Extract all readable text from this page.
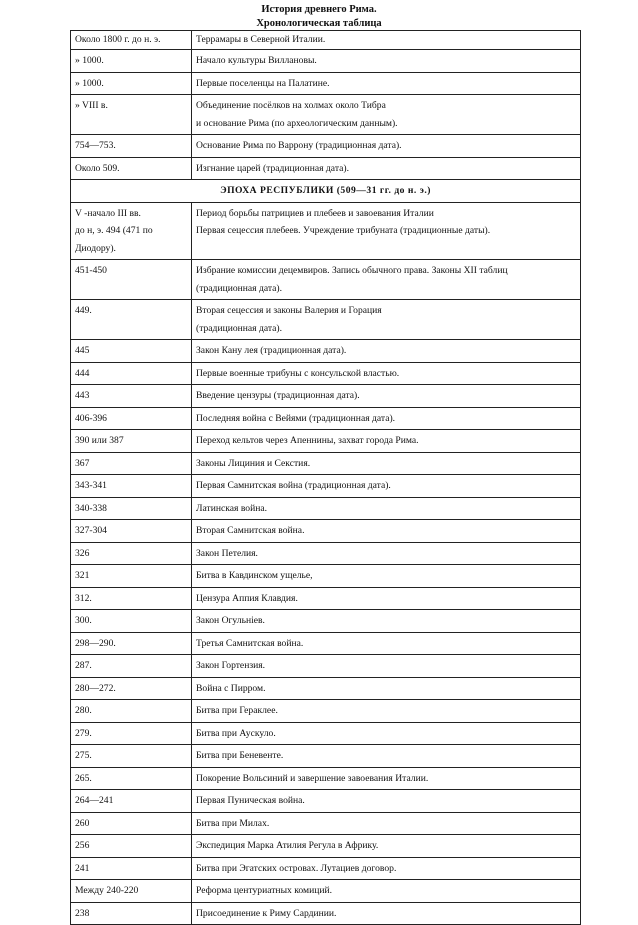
История древнего Рима.
Хронологическая таблица
Около 1800 г. до н. э.	Террамары в Северной Италии.

» 1000.	Начало культуры Виллановы.

» 1000.	Первые поселенцы на Палатине.

» VIII в.	Объединение посёлков на холмах около Тибра
и основание Рима (по археологическим данным).

754—753.	Основание Рима по Варрону (традиционная дата).

Около 509.	Изгнание царей (традиционная дата).

ЭПОХА РЕСПУБЛИКИ (509—31 гг. до н. э.)	

V -начало III вв.
до н, э. 494 (471 по
Диодору).	Период борьбы патрициев и плебеев и завоевания Италии
Первая сецессия плебеев. Учреждение трибуната (традиционные даты).

451-450	Избрание комиссии децемвиров. Запись обычного права. Законы XII таблиц
(традиционная дата).

449.	Вторая сецессия и законы Валерия и Горация
(традиционная дата).

445	Закон Кану лея (традиционная дата).

444	Первые военные трибуны с консульской властью.

443	Введение цензуры (традиционная дата).

406-396	Последняя война с Вейями (традиционная дата).

390 или 387	Переход кельтов через Апеннины, захват города Рима.

367	Законы Лициния и Секстия.

343-341	Первая Самнитская война (традиционная дата).

340-338	Латинская война.

327-304	Вторая Самнитская война.

326	Закон Петелия.

321	Битва в Кавдинском ущелье,

312.	Цензура Аппия Клавдия.

300.	Закон Огульнiев.

298—290.	Третья Самнитская война.

287.	Закон Гортензия.

280—272.	Война с Пирром.

280.	Битва при Гераклее.

279.	Битва при Аускуло.

275.	Битва при Беневенте.

265.	Покорение Вольсиний и завершение завоевания Италии.

264—241	Первая Пуническая война.

260	Битва при Милах.

256	Экспедиция Марка Атилия Регула в Африку.

241	Битва при Эгатских островах. Лутациев договор.

Между 240-220	Реформа центуриатных комиций.

238	Присоединение к Риму Сардинии.
